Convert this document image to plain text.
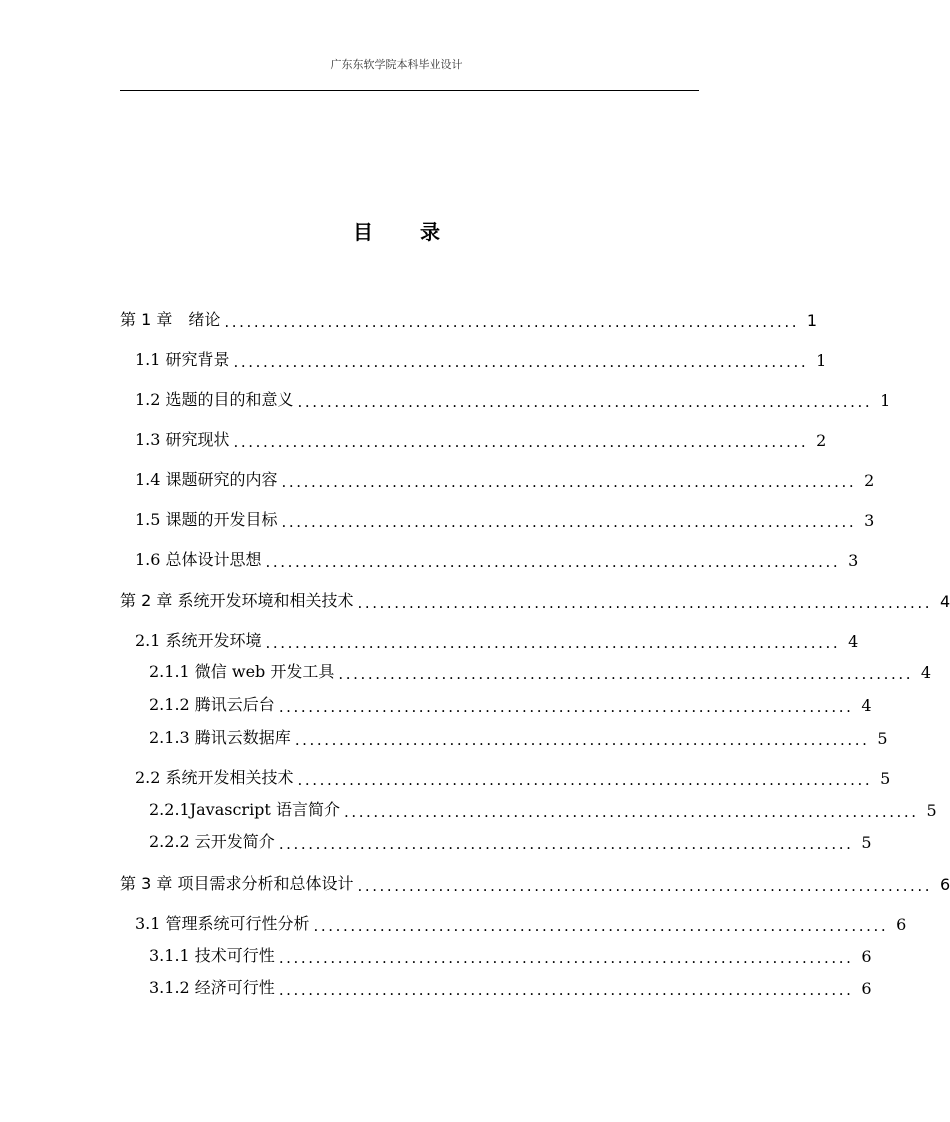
广东东软学院本科毕业设计
目 录
第 1 章　绪论 .............................................................................. 1
1.1 研究背景 .............................................................................. 1
1.2 选题的目的和意义 .............................................................................. 1
1.3 研究现状 .............................................................................. 2
1.4 课题研究的内容 .............................................................................. 2
1.5 课题的开发目标 .............................................................................. 3
1.6 总体设计思想 .............................................................................. 3
第 2 章 系统开发环境和相关技术 .............................................................................. 4
2.1 系统开发环境 .............................................................................. 4
2.1.1 微信 web 开发工具 .............................................................................. 4
2.1.2 腾讯云后台 .............................................................................. 4
2.1.3 腾讯云数据库 .............................................................................. 5
2.2 系统开发相关技术 .............................................................................. 5
2.2.1Javascript 语言简介 .............................................................................. 5
2.2.2 云开发简介 .............................................................................. 5
第 3 章 项目需求分析和总体设计 .............................................................................. 6
3.1 管理系统可行性分析 .............................................................................. 6
3.1.1 技术可行性 .............................................................................. 6
3.1.2 经济可行性 .............................................................................. 6
